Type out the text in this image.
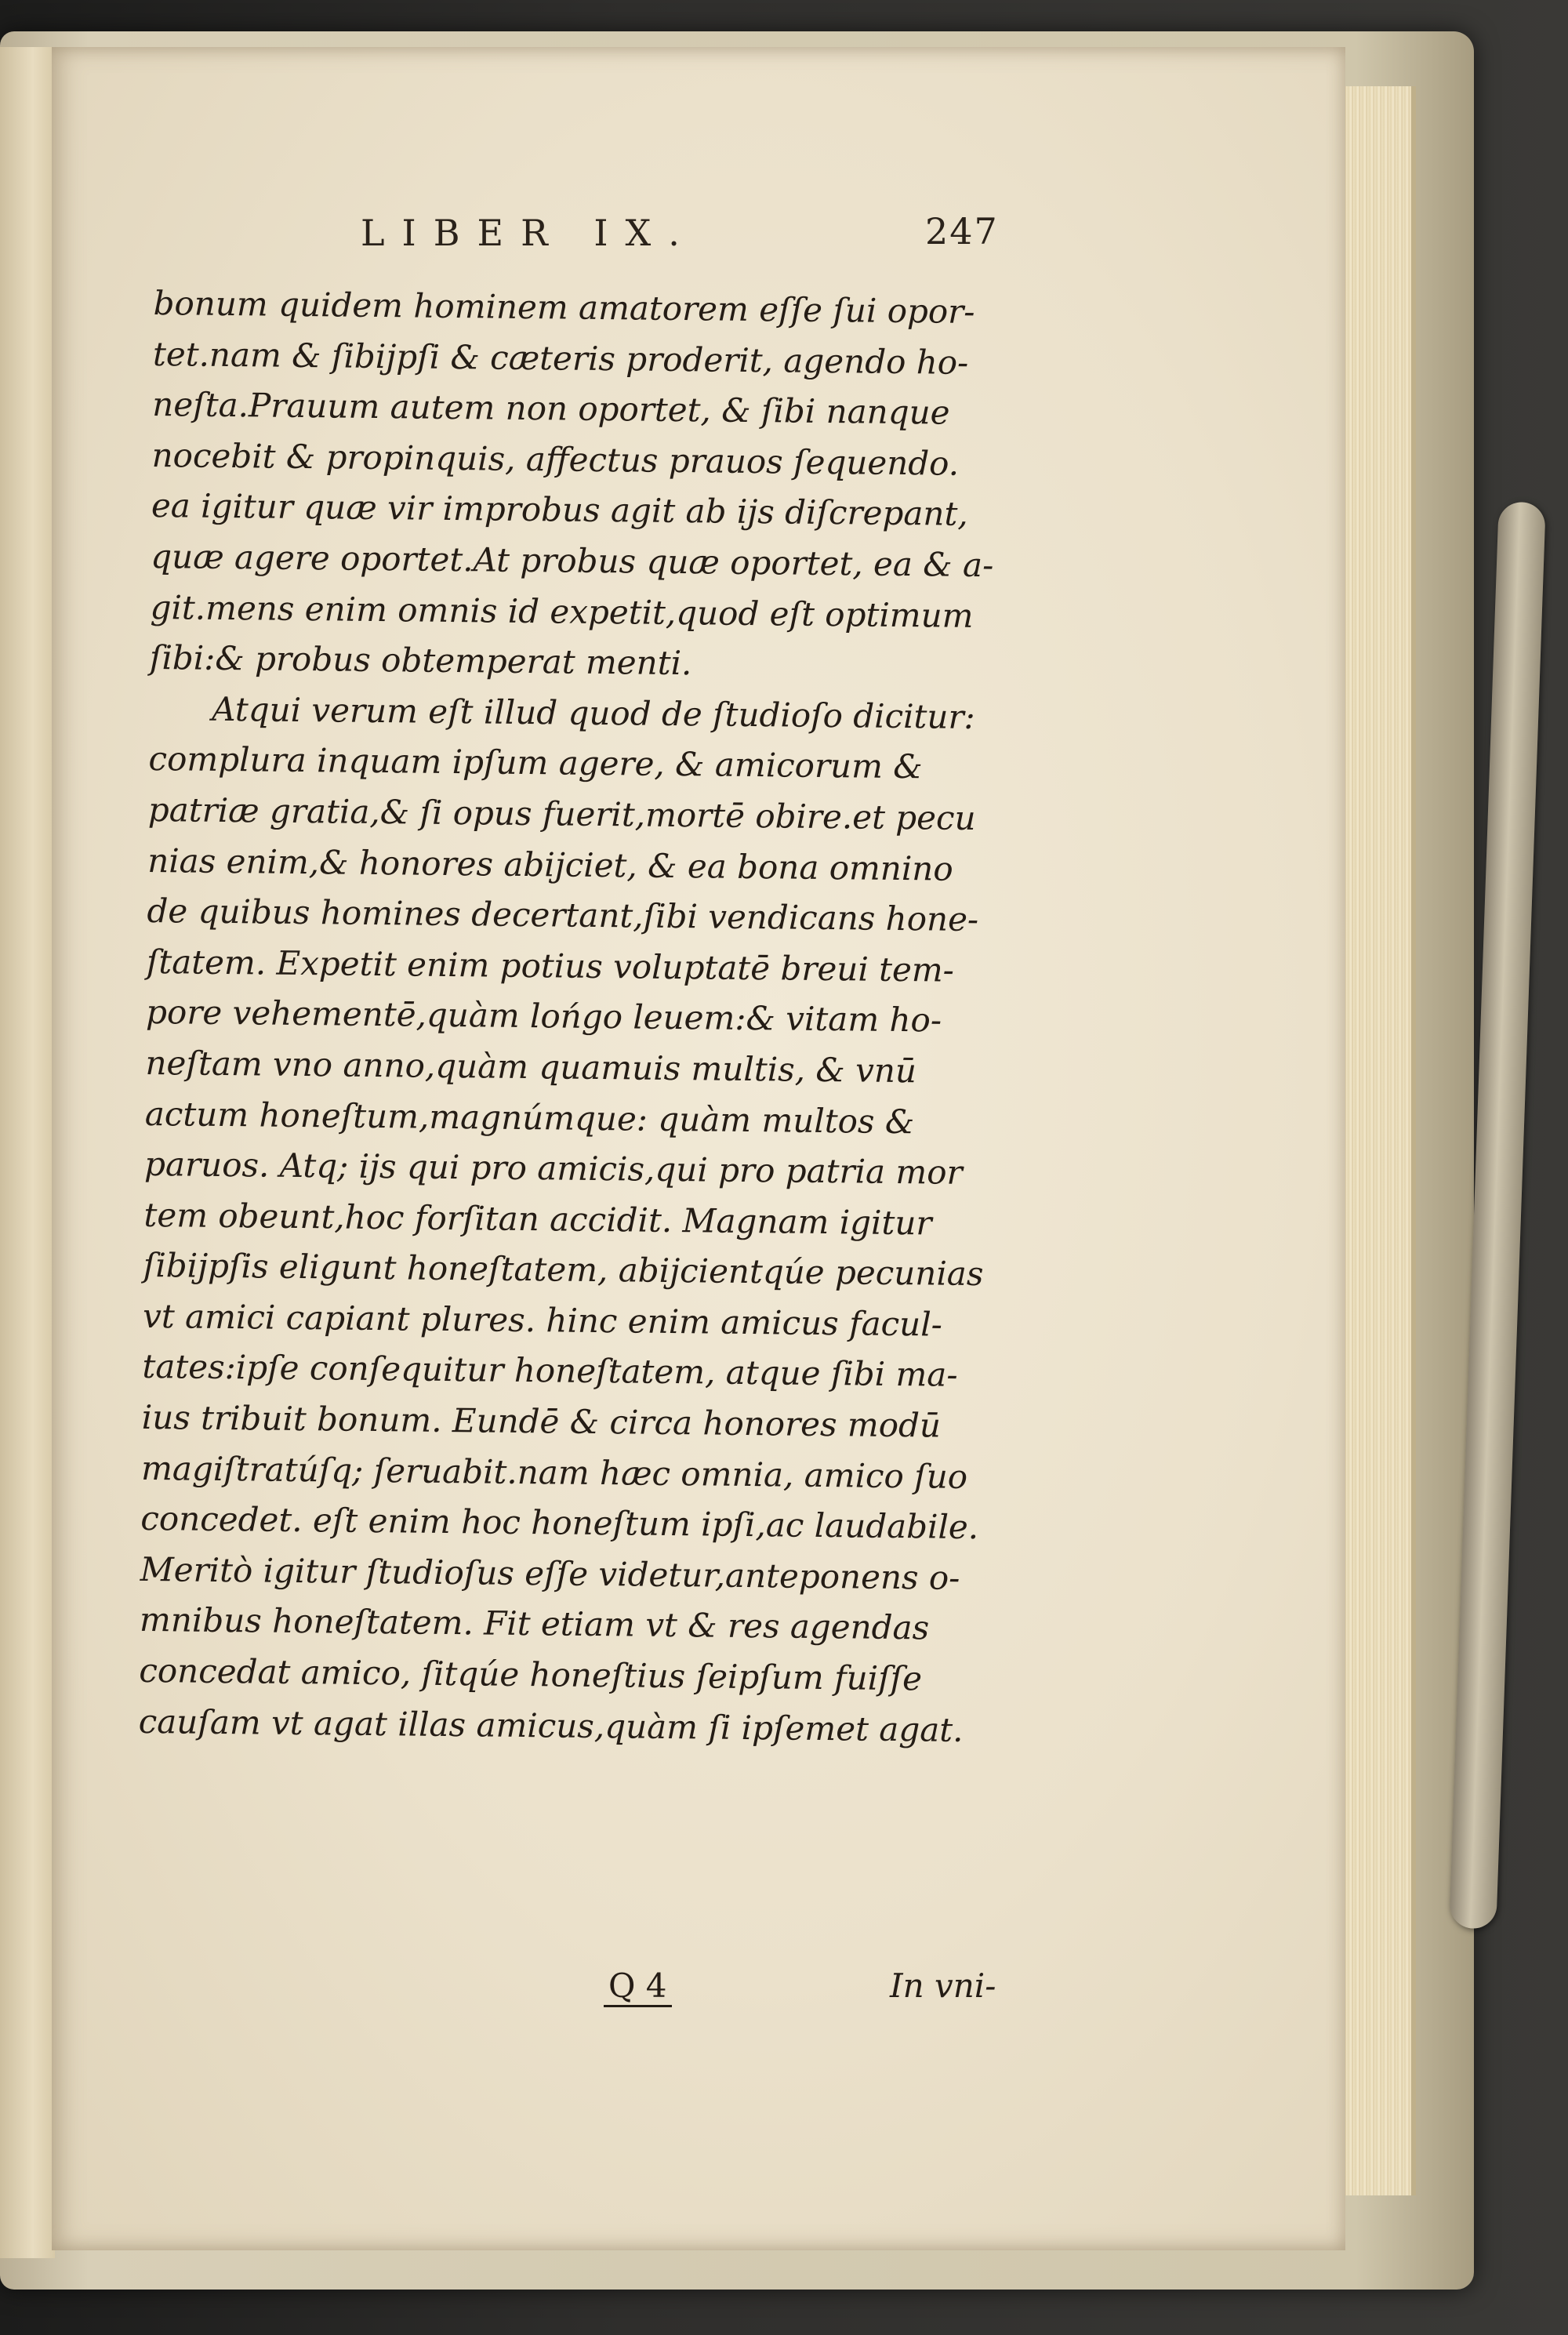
LIBER IX.	247
bonum quidem hominem amatorem eſſe ſui opor-
tet.nam & ſibijpſi & cæteris proderit, agendo ho-
neſta.Prauum autem non oportet, & ſibi nanque
nocebit & propinquis, affectus prauos ſequendo.
ea igitur quæ vir improbus agit ab ijs diſcrepant,
quæ agere oportet.At probus quæ oportet, ea & a-
git.mens enim omnis id expetit,quod eſt optimum
ſibi:& probus obtemperat menti.
Atqui verum eſt illud quod de ſtudioſo dicitur:
complura inquam ipſum agere, & amicorum &
patriæ gratia,& ſi opus fuerit,mortē obire.et pecu
nias enim,& honores abijciet, & ea bona omnino
de quibus homines decertant,ſibi vendicans hone-
ſtatem. Expetit enim potius voluptatē breui tem-
pore vehementē,quàm lońgo leuem:& vitam ho-
neſtam vno anno,quàm quamuis multis, & vnū
actum honeſtum,magnúmque: quàm multos &
paruos. Atq; ijs qui pro amicis,qui pro patria mor
tem obeunt,hoc forſitan accidit. Magnam igitur
ſibijpſis eligunt honeſtatem, abijcientqúe pecunias
vt amici capiant plures. hinc enim amicus facul-
tates:ipſe conſequitur honeſtatem, atque ſibi ma-
ius tribuit bonum. Eundē & circa honores modū
magiſtratúſq; ſeruabit.nam hæc omnia, amico ſuo
concedet. eſt enim hoc honeſtum ipſi,ac laudabile.
Meritò igitur ſtudioſus eſſe videtur,anteponens o-
mnibus honeſtatem. Fit etiam vt & res agendas
concedat amico, ſitqúe honeſtius ſeipſum fuiſſe
cauſam vt agat illas amicus,quàm ſi ipſemet agat.
Q 4	In vni-
